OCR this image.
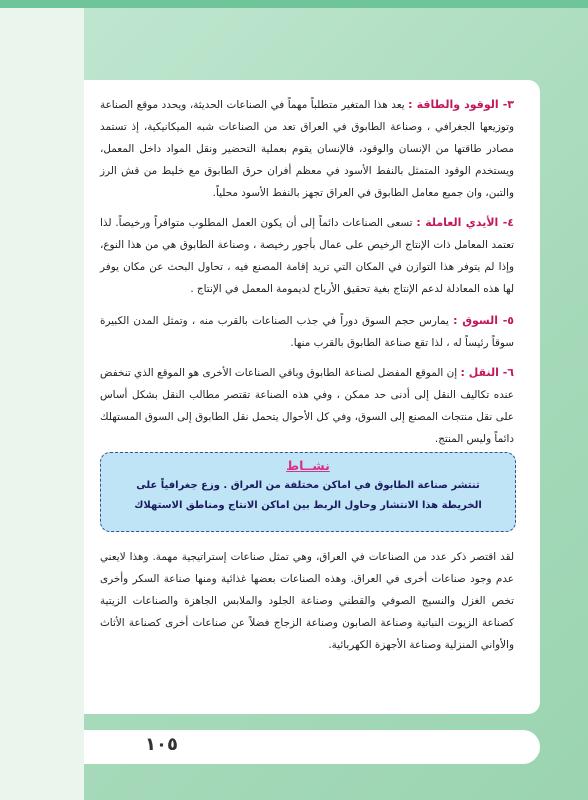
٣- الوقود والطاقة : يعد هذا المتغير متطلباً مهماً في الصناعات الحديثة، ويحدد موقع الصناعة وتوزيعها الجغرافي ، وصناعة الطابوق في العراق تعد من الصناعات شبه الميكانيكية، إذ تستمد مصادر طاقتها من الإنسان والوقود، فالإنسان يقوم بعملية التحضير ونقل المواد داخل المعمل، ويستخدم الوقود المتمثل بالنفط الأسود في معظم أفران حرق الطابوق مع خليط من قش الرز والتبن، وان جميع معامل الطابوق في العراق تجهز بالنفط الأسود محلياً.

٤- الأيدي العاملة : تسعى الصناعات دائماً إلى أن يكون العمل المطلوب متوافراً ورخيصاً. لذا تعتمد المعامل ذات الإنتاج الرخيص على عمال بأجور رخيصة ، وصناعة الطابوق هي من هذا النوع، وإذا لم يتوفر هذا التوازن في المكان التي تريد إقامة المصنع فيه ، تحاول البحث عن مكان يوفر لها هذه المعادلة لدعم الإنتاج بغية تحقيق الأرباح لديمومة المعمل في الإنتاج .

٥- السوق : يمارس حجم السوق دوراً في جذب الصناعات بالقرب منه ، وتمثل المدن الكبيرة سوقاً رئيساً له ، لذا تقع صناعة الطابوق بالقرب منها.

٦- النقل : إن الموقع المفضل لصناعة الطابوق وباقي الصناعات الأخرى هو الموقع الذي تنخفض عنده تكاليف النقل إلى أدنى حد ممكن ، وفي هذه الصناعة تقتصر مطالب النقل بشكل أساس على نقل منتجات المصنع إلى السوق، وفي كل الأحوال يتحمل نقل الطابوق إلى السوق المستهلك دائماً وليس المنتج.

نشــاط
تنتشر صناعة الطابوق في اماكن مختلفة من العراق . وزع جغرافياً على الخريطة هذا الانتشار وحاول الربط بين اماكن الانتاج ومناطق الاستهلاك

لقد اقتصر ذكر عدد من الصناعات في العراق، وهي تمثل صناعات إستراتيجية مهمة. وهذا لايعني عدم وجود صناعات أخرى في العراق. وهذه الصناعات بعضها غذائية ومنها صناعة السكر وأخرى تخص الغزل والنسيج الصوفي والقطني وصناعة الجلود والملابس الجاهزة والصناعات الزيتية كصناعة الزيوت النباتية وصناعة الصابون وصناعة الزجاج فضلاً عن صناعات أخرى كصناعة الأثاث والأواني المنزلية وصناعة الأجهزة الكهربائية.

١٠٥
